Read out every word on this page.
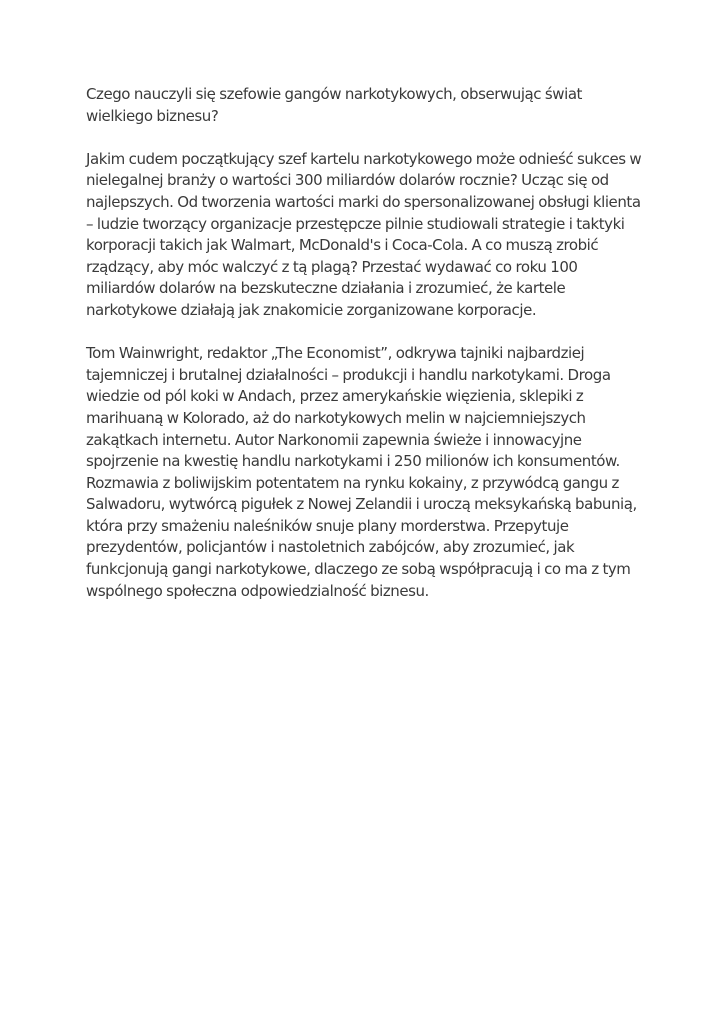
Czego nauczyli się szefowie gangów narkotykowych, obserwując świat wielkiego biznesu?

Jakim cudem początkujący szef kartelu narkotykowego może odnieść sukces w nielegalnej branży o wartości 300 miliardów dolarów rocznie? Ucząc się od najlepszych. Od tworzenia wartości marki do spersonalizowanej obsługi klienta – ludzie tworzący organizacje przestępcze pilnie studiowali strategie i taktyki korporacji takich jak Walmart, McDonald's i Coca-Cola. A co muszą zrobić rządzący, aby móc walczyć z tą plagą? Przestać wydawać co roku 100 miliardów dolarów na bezskuteczne działania i zrozumieć, że kartele narkotykowe działają jak znakomicie zorganizowane korporacje.

Tom Wainwright, redaktor „The Economist”, odkrywa tajniki najbardziej tajemniczej i brutalnej działalności – produkcji i handlu narkotykami. Droga wiedzie od pól koki w Andach, przez amerykańskie więzienia, sklepiki z marihuaną w Kolorado, aż do narkotykowych melin w najciemniejszych zakątkach internetu. Autor Narkonomii zapewnia świeże i innowacyjne spojrzenie na kwestię handlu narkotykami i 250 milionów ich konsumentów. Rozmawia z boliwijskim potentatem na rynku kokainy, z przywódcą gangu z Salwadoru, wytwórcą pigułek z Nowej Zelandii i uroczą meksykańską babunią, która przy smażeniu naleśników snuje plany morderstwa. Przepytuje prezydentów, policjantów i nastoletnich zabójców, aby zrozumieć, jak funkcjonują gangi narkotykowe, dlaczego ze sobą współpracują i co ma z tym wspólnego społeczna odpowiedzialność biznesu.
